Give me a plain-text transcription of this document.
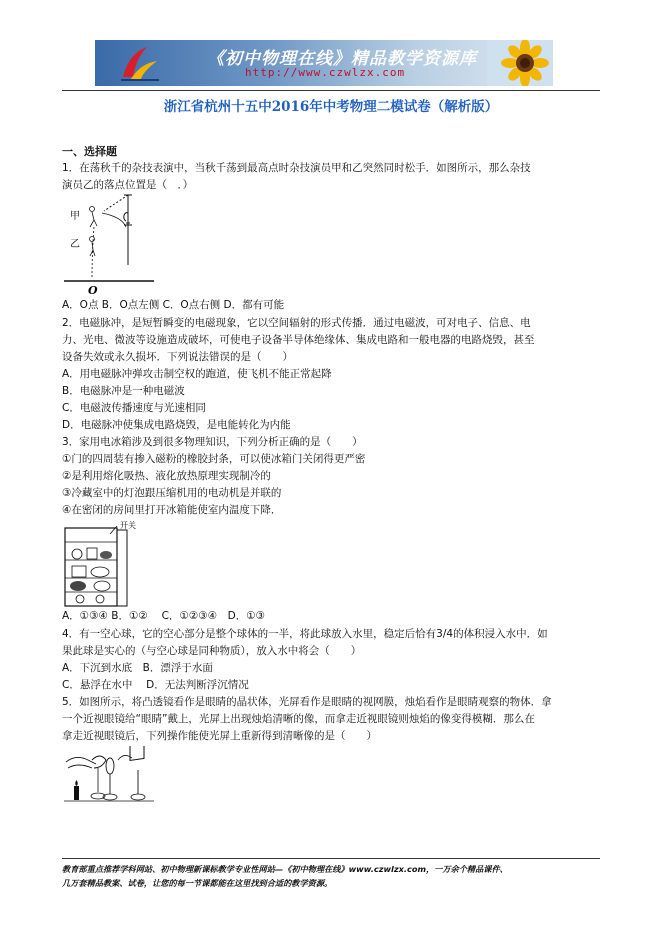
《初中物理在线》精品教学资源库
http://www.czwlzx.com
浙江省杭州十五中2016年中考物理二模试卷（解析版）
一、选择题
1．在荡秋千的杂技表演中，当秋千荡到最高点时杂技演员甲和乙突然同时松手．如图所示，那么杂技
演员乙的落点位置是（　．）
甲
乙
O
A．O点 B．O点左侧 C．O点右侧 D．都有可能
2．电磁脉冲，是短暂瞬变的电磁现象，它以空间辐射的形式传播．通过电磁波，可对电子、信息、电
力、光电、微波等设施造成破坏，可使电子设备半导体绝缘体、集成电路和一般电器的电路烧毁，甚至
设备失效或永久损坏．下列说法错误的是（　　）
A．用电磁脉冲弹攻击制空权的跑道，使飞机不能正常起降
B．电磁脉冲是一种电磁波
C．电磁波传播速度与光速相同
D．电磁脉冲使集成电路烧毁，是电能转化为内能
3．家用电冰箱涉及到很多物理知识，下列分析正确的是（　　）
①门的四周装有掺入磁粉的橡胶封条，可以使冰箱门关闭得更严密
②是利用熔化吸热、液化放热原理实现制冷的
③冷藏室中的灯泡跟压缩机用的电动机是并联的
④在密闭的房间里打开冰箱能使室内温度下降．
开关
A．①③④ B．①②　 C．①②③④　D．①③
4．有一空心球，它的空心部分是整个球体的一半，将此球放入水里，稳定后恰有3/4的体积浸入水中．如
果此球是实心的（与空心球是同种物质），放入水中将会（　　）
A．下沉到水底　B．漂浮于水面
C．悬浮在水中　 D．无法判断浮沉情况
5．如图所示，将凸透镜看作是眼睛的晶状体，光屏看作是眼睛的视网膜，烛焰看作是眼睛观察的物体．拿
一个近视眼镜给“眼睛”戴上，光屏上出现烛焰清晰的像，而拿走近视眼镜则烛焰的像变得模糊．那么在
拿走近视眼镜后，下列操作能使光屏上重新得到清晰像的是（　　）
教育部重点推荐学科网站、初中物理新课标教学专业性网站—《初中物理在线》www.czwlzx.com，一万余个精品课件、
几万套精品教案、试卷，让您的每一节课都能在这里找到合适的教学资源。
